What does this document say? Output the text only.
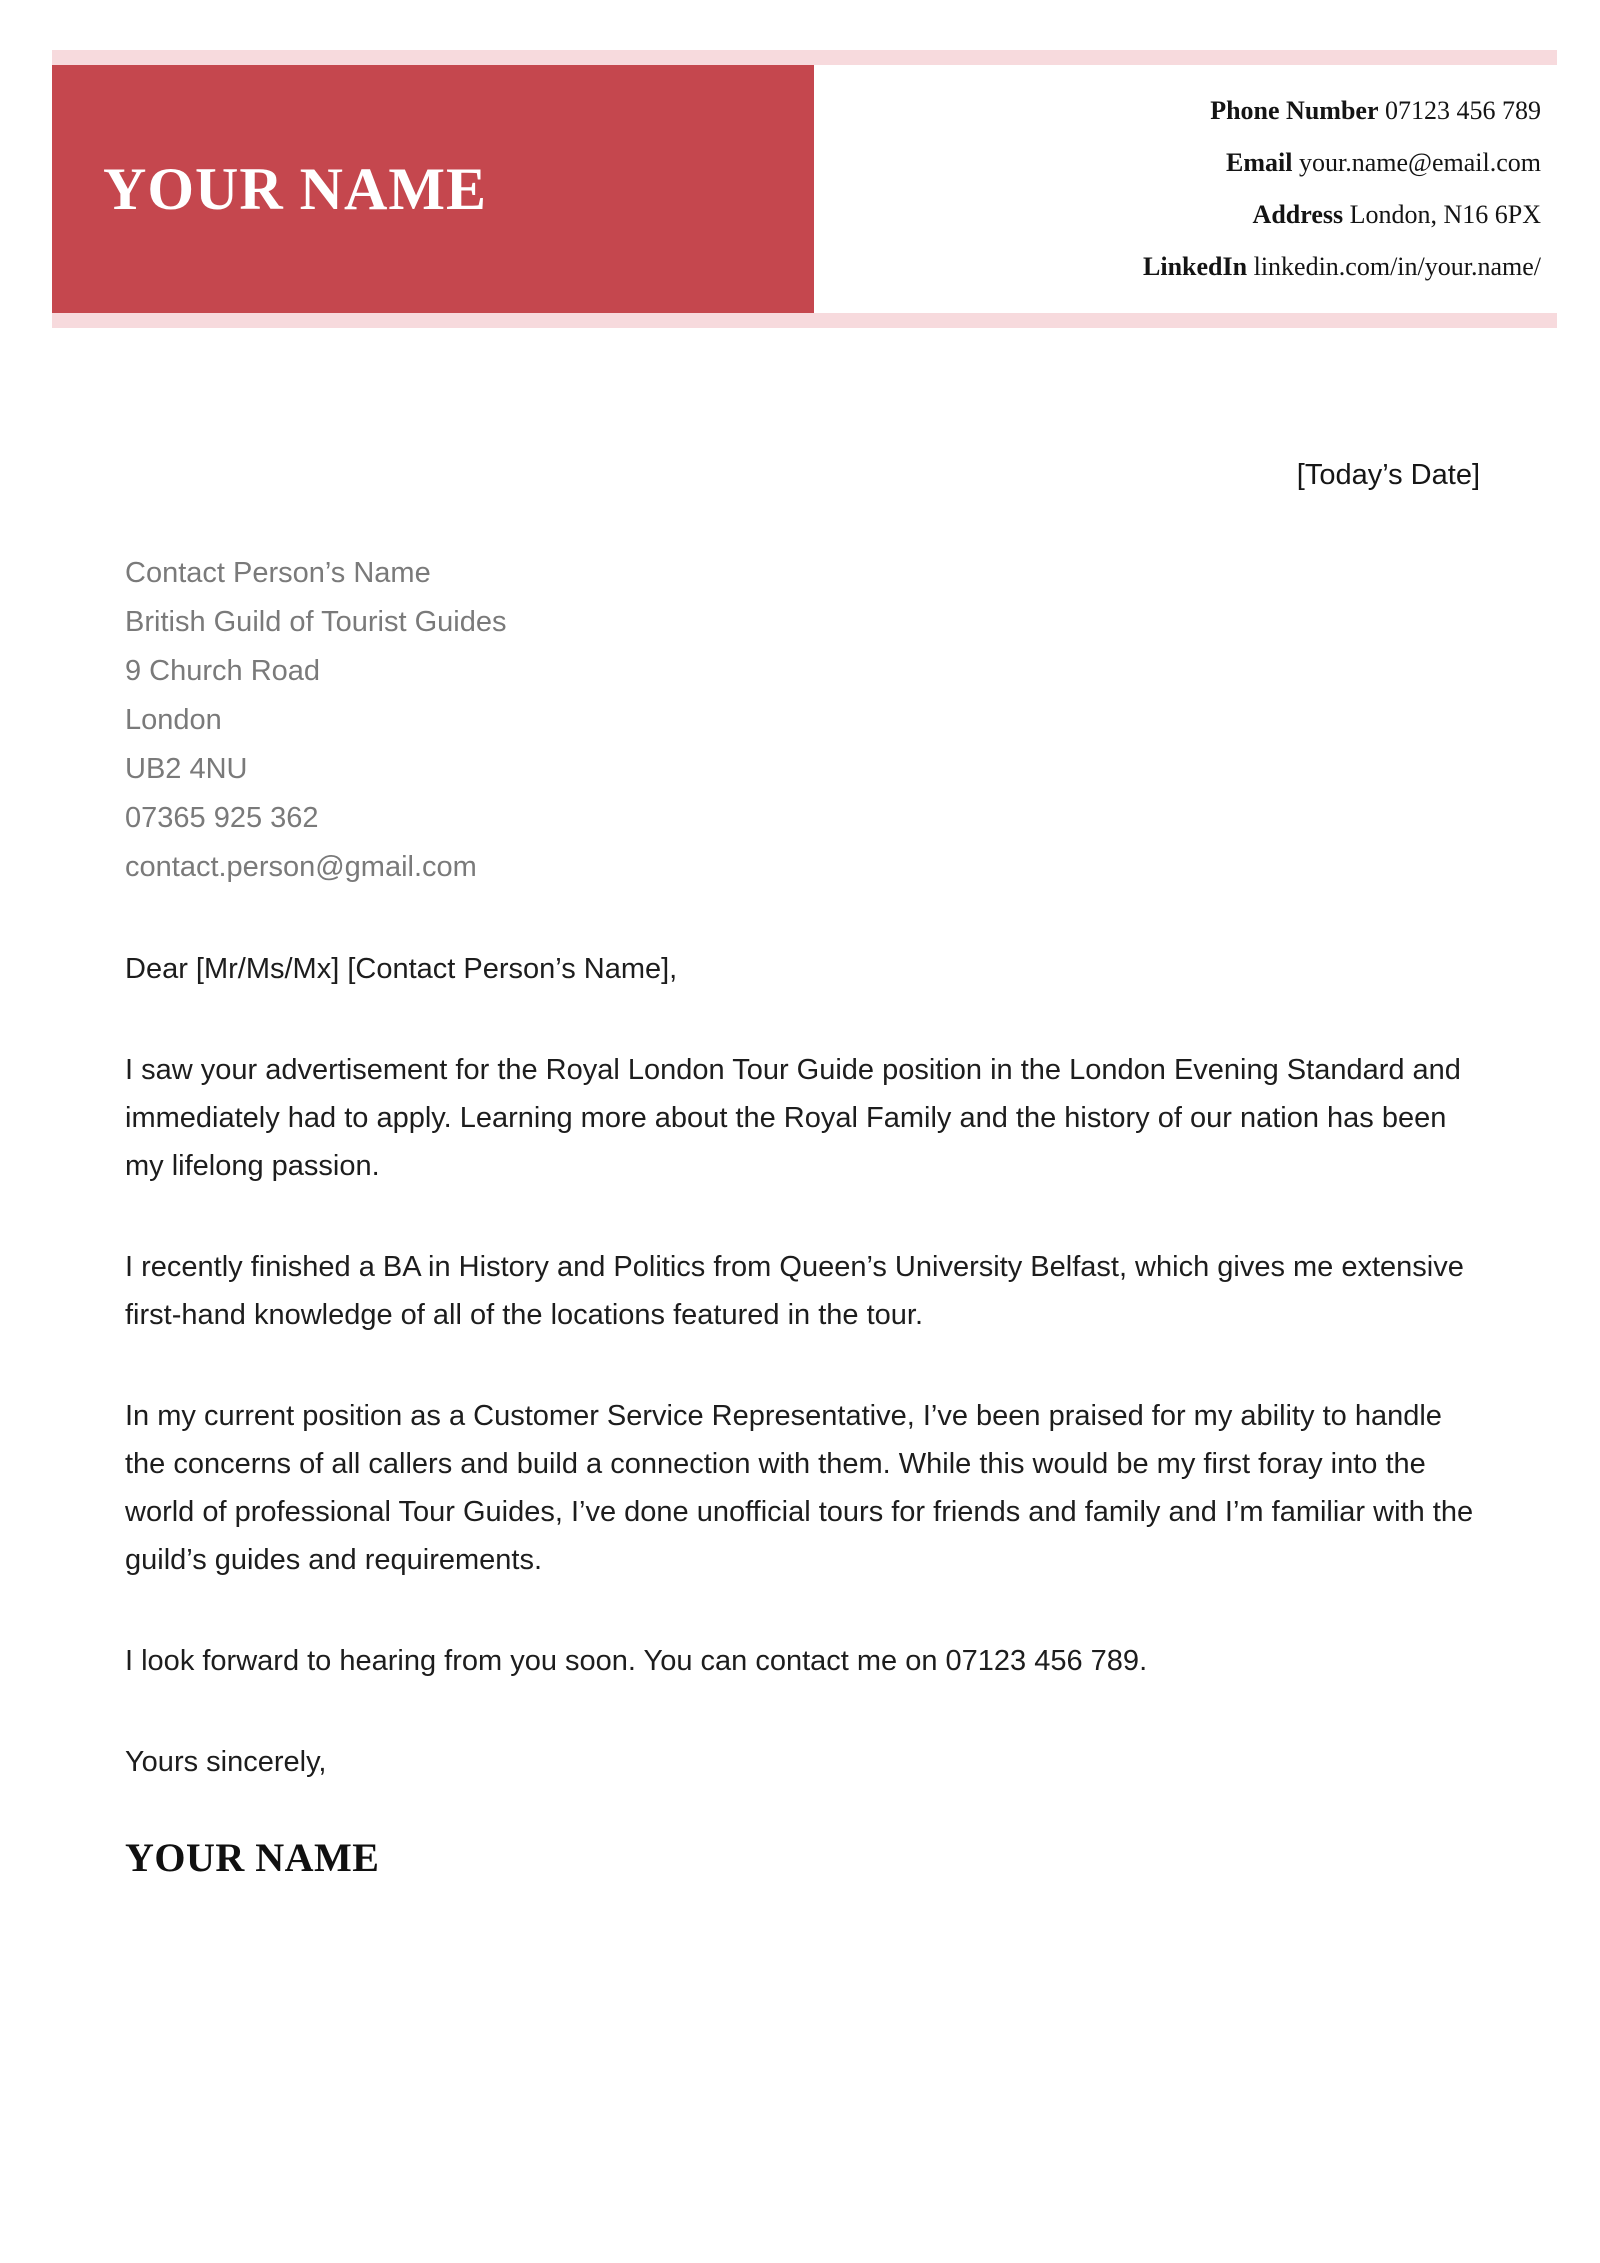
YOUR NAME
Phone Number 07123 456 789
Email your.name@email.com
Address London, N16 6PX
LinkedIn linkedin.com/in/your.name/
[Today’s Date]
Contact Person’s Name
British Guild of Tourist Guides
9 Church Road
London
UB2 4NU
07365 925 362
contact.person@gmail.com

Dear [Mr/Ms/Mx] [Contact Person’s Name],

I saw your advertisement for the Royal London Tour Guide position in the London Evening Standard and immediately had to apply. Learning more about the Royal Family and the history of our nation has been my lifelong passion.

I recently finished a BA in History and Politics from Queen’s University Belfast, which gives me extensive first-hand knowledge of all of the locations featured in the tour.

In my current position as a Customer Service Representative, I’ve been praised for my ability to handle the concerns of all callers and build a connection with them. While this would be my first foray into the world of professional Tour Guides, I’ve done unofficial tours for friends and family and I’m familiar with the guild’s guides and requirements.

I look forward to hearing from you soon. You can contact me on 07123 456 789.

Yours sincerely,

YOUR NAME
